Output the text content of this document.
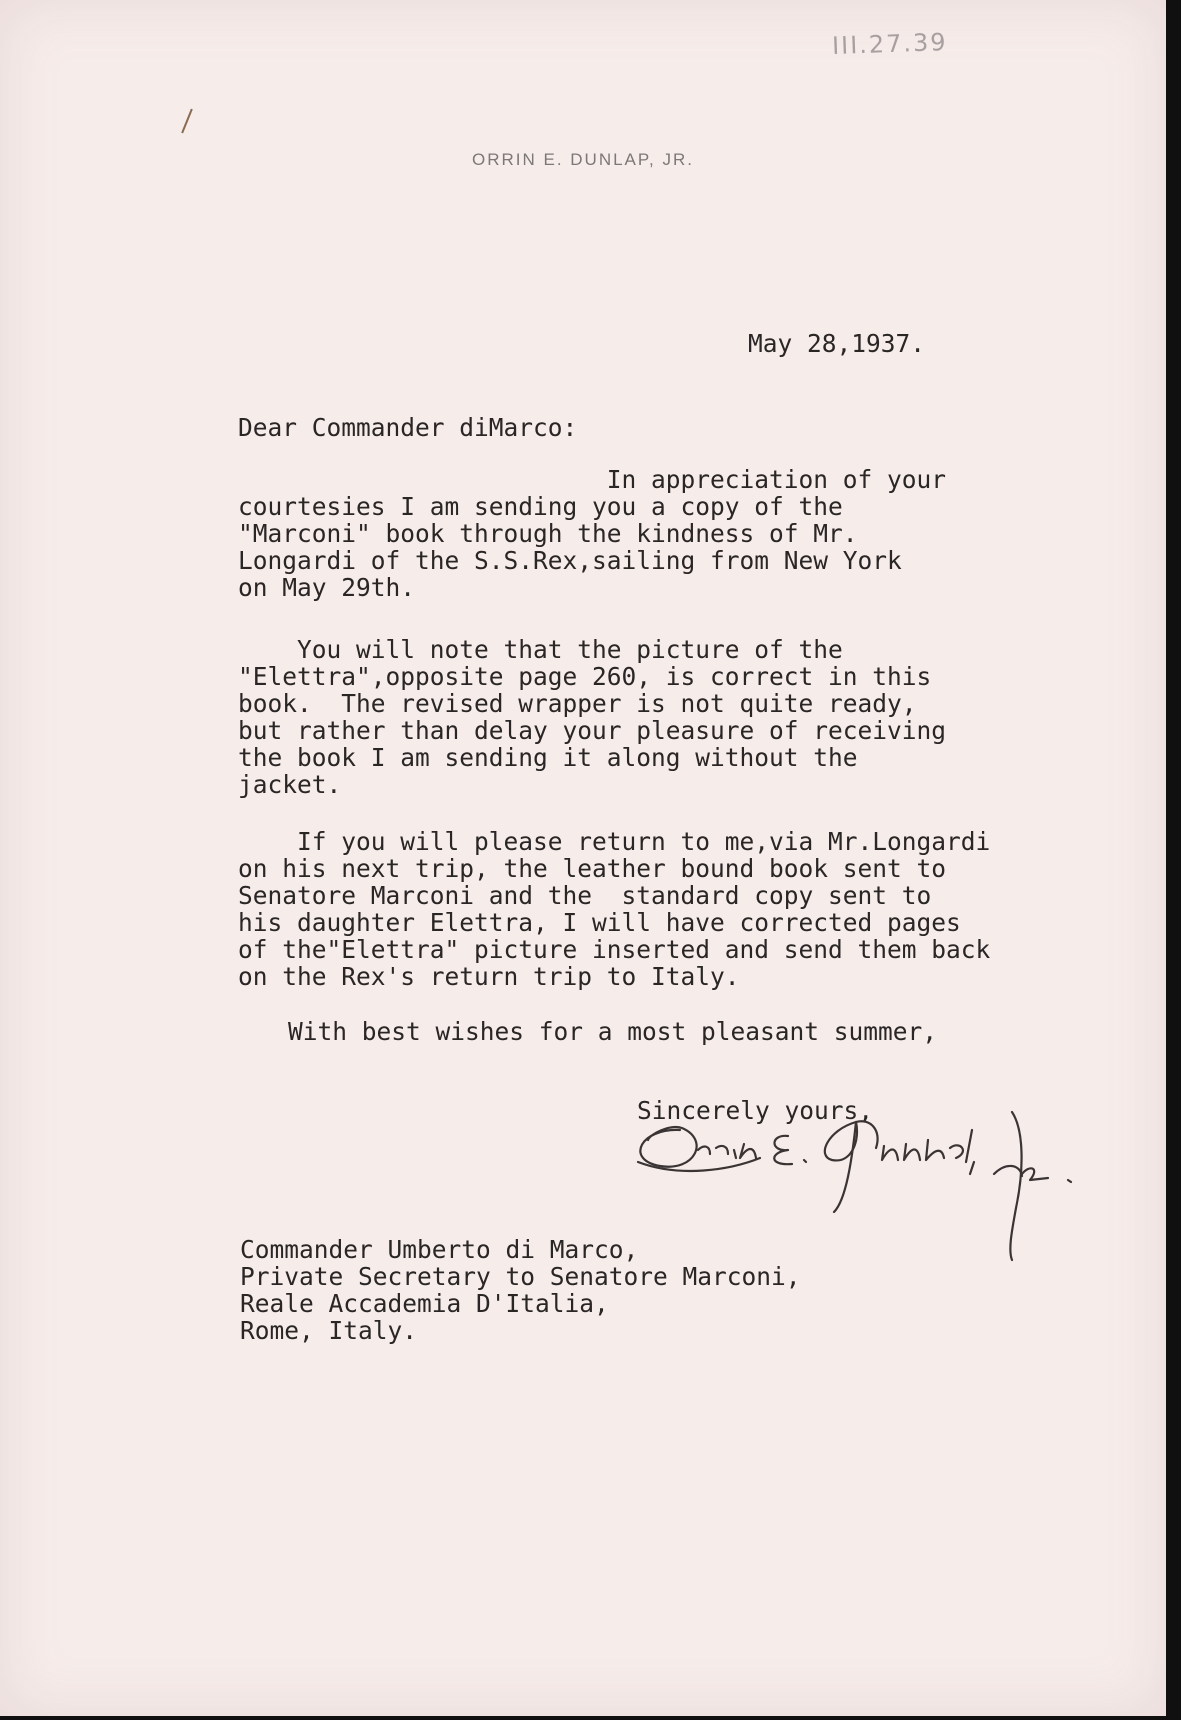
III.27.39
ORRIN E. DUNLAP, JR.
May 28,1937.
Dear Commander diMarco:
In appreciation of your
courtesies I am sending you a copy of the
"Marconi" book through the kindness of Mr.
Longardi of the S.S.Rex,sailing from New York
on May 29th.
You will note that the picture of the
"Elettra",opposite page 260, is correct in this
book.  The revised wrapper is not quite ready,
but rather than delay your pleasure of receiving
the book I am sending it along without the
jacket.
If you will please return to me,via Mr.Longardi
on his next trip, the leather bound book sent to
Senatore Marconi and the  standard copy sent to
his daughter Elettra, I will have corrected pages
of the"Elettra" picture inserted and send them back
on the Rex's return trip to Italy.
With best wishes for a most pleasant summer,
Sincerely yours,
Commander Umberto di Marco,
Private Secretary to Senatore Marconi,
Reale Accademia D'Italia,
Rome, Italy.
